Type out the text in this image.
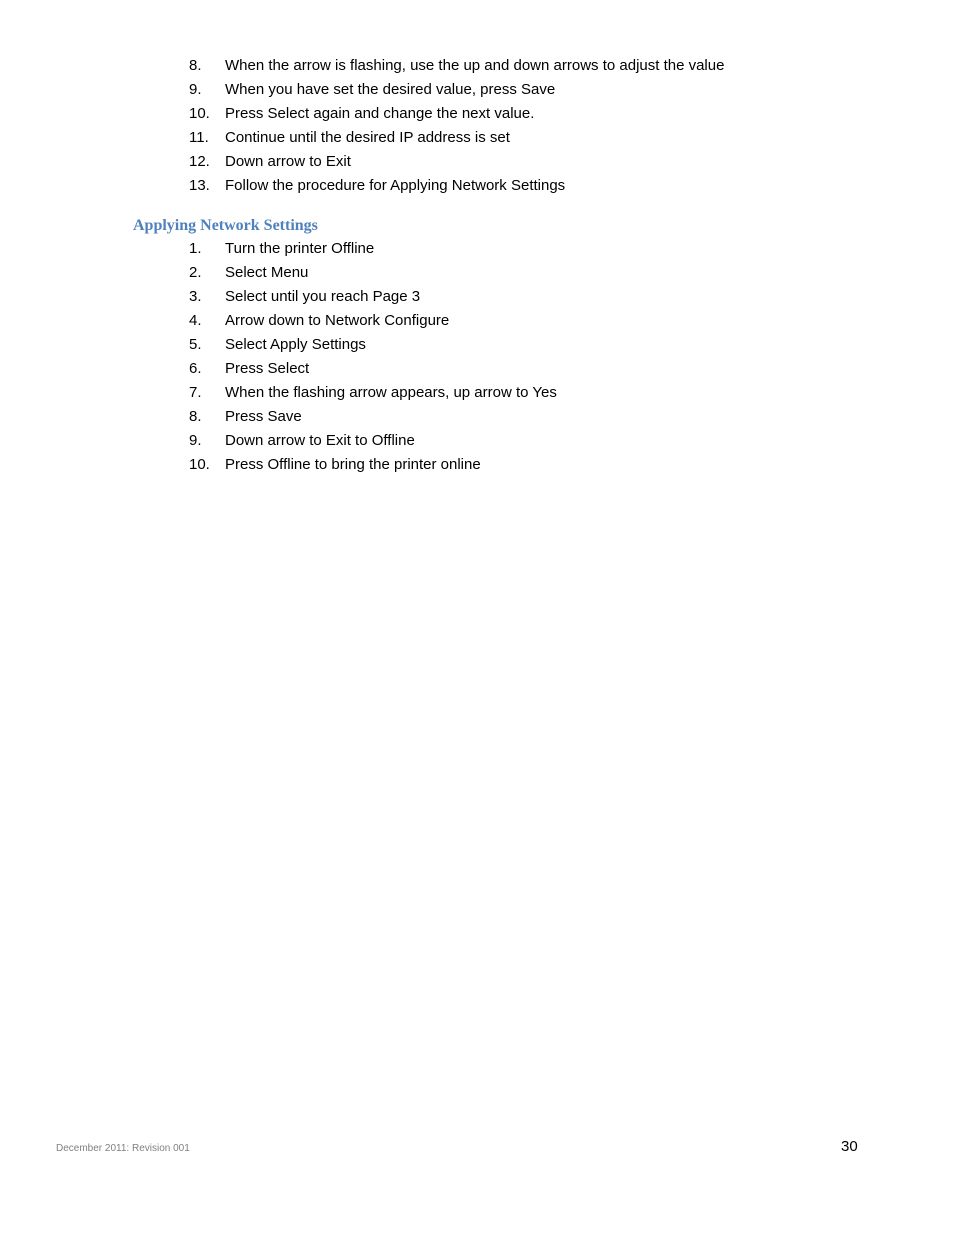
8. When the arrow is flashing, use the up and down arrows to adjust the value
9. When you have set the desired value, press Save
10. Press Select again and change the next value.
11. Continue until the desired IP address is set
12. Down arrow to Exit
13. Follow the procedure for Applying Network Settings
Applying Network Settings
1. Turn the printer Offline
2. Select Menu
3. Select until you reach Page 3
4. Arrow down to Network Configure
5. Select Apply Settings
6. Press Select
7. When the flashing arrow appears, up arrow to Yes
8. Press Save
9. Down arrow to Exit to Offline
10. Press Offline to bring the printer online
December 2011: Revision 001	30
